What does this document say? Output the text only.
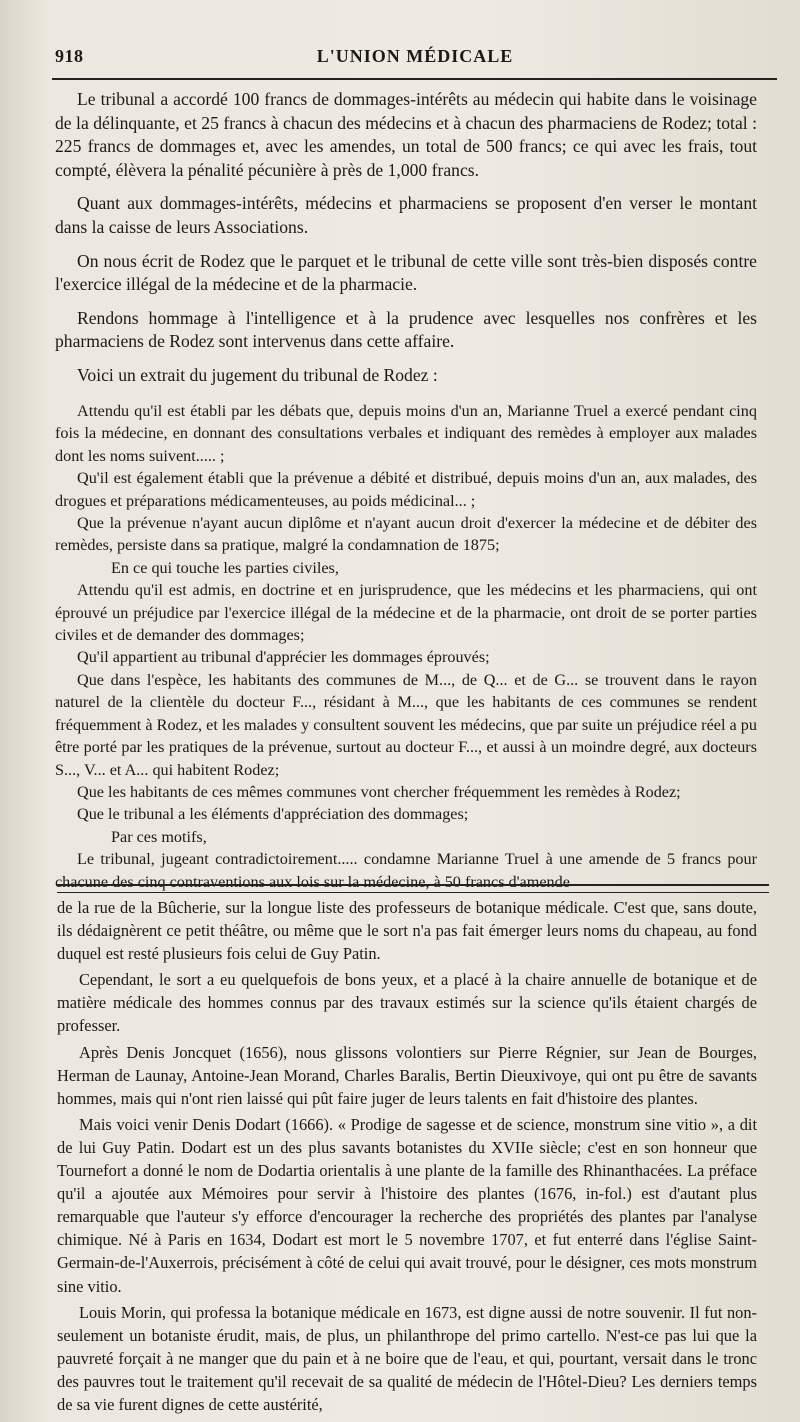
918	L'UNION MÉDICALE

Le tribunal a accordé 100 francs de dommages-intérêts au médecin qui habite dans le voisinage de la délinquante, et 25 francs à chacun des médecins et à chacun des pharmaciens de Rodez; total : 225 francs de dommages et, avec les amendes, un total de 500 francs; ce qui avec les frais, tout compté, élèvera la pénalité pécunière à près de 1,000 francs.

Quant aux dommages-intérêts, médecins et pharmaciens se proposent d'en verser le montant dans la caisse de leurs Associations.

On nous écrit de Rodez que le parquet et le tribunal de cette ville sont très-bien disposés contre l'exercice illégal de la médecine et de la pharmacie.

Rendons hommage à l'intelligence et à la prudence avec lesquelles nos confrères et les pharmaciens de Rodez sont intervenus dans cette affaire.

Voici un extrait du jugement du tribunal de Rodez :

Attendu qu'il est établi par les débats que, depuis moins d'un an, Marianne Truel a exercé pendant cinq fois la médecine, en donnant des consultations verbales et indiquant des remèdes à employer aux malades dont les noms suivent..... ;

Qu'il est également établi que la prévenue a débité et distribué, depuis moins d'un an, aux malades, des drogues et préparations médicamenteuses, au poids médicinal... ;

Que la prévenue n'ayant aucun diplôme et n'ayant aucun droit d'exercer la médecine et de débiter des remèdes, persiste dans sa pratique, malgré la condamnation de 1875;

En ce qui touche les parties civiles,

Attendu qu'il est admis, en doctrine et en jurisprudence, que les médecins et les pharmaciens, qui ont éprouvé un préjudice par l'exercice illégal de la médecine et de la pharmacie, ont droit de se porter parties civiles et de demander des dommages;

Qu'il appartient au tribunal d'apprécier les dommages éprouvés;

Que dans l'espèce, les habitants des communes de M..., de Q... et de G... se trouvent dans le rayon naturel de la clientèle du docteur F..., résidant à M..., que les habitants de ces communes se rendent fréquemment à Rodez, et les malades y consultent souvent les médecins, que par suite un préjudice réel a pu être porté par les pratiques de la prévenue, surtout au docteur F..., et aussi à un moindre degré, aux docteurs S..., V... et A... qui habitent Rodez;

Que les habitants de ces mêmes communes vont chercher fréquemment les remèdes à Rodez;

Que le tribunal a les éléments d'appréciation des dommages;

Par ces motifs,

Le tribunal, jugeant contradictoirement..... condamne Marianne Truel à une amende de 5 francs pour chacune des cinq contraventions aux lois sur la médecine, à 50 francs d'amende

de la rue de la Bûcherie, sur la longue liste des professeurs de botanique médicale. C'est que, sans doute, ils dédaignèrent ce petit théâtre, ou même que le sort n'a pas fait émerger leurs noms du chapeau, au fond duquel est resté plusieurs fois celui de Guy Patin.

Cependant, le sort a eu quelquefois de bons yeux, et a placé à la chaire annuelle de botanique et de matière médicale des hommes connus par des travaux estimés sur la science qu'ils étaient chargés de professer.

Après Denis Joncquet (1656), nous glissons volontiers sur Pierre Régnier, sur Jean de Bourges, Herman de Launay, Antoine-Jean Morand, Charles Baralis, Bertin Dieuxivoye, qui ont pu être de savants hommes, mais qui n'ont rien laissé qui pût faire juger de leurs talents en fait d'histoire des plantes.

Mais voici venir Denis Dodart (1666). « Prodige de sagesse et de science, monstrum sine vitio », a dit de lui Guy Patin. Dodart est un des plus savants botanistes du XVIIe siècle; c'est en son honneur que Tournefort a donné le nom de Dodartia orientalis à une plante de la famille des Rhinanthacées. La préface qu'il a ajoutée aux Mémoires pour servir à l'histoire des plantes (1676, in-fol.) est d'autant plus remarquable que l'auteur s'y efforce d'encourager la recherche des propriétés des plantes par l'analyse chimique. Né à Paris en 1634, Dodart est mort le 5 novembre 1707, et fut enterré dans l'église Saint-Germain-de-l'Auxerrois, précisément à côté de celui qui avait trouvé, pour le désigner, ces mots monstrum sine vitio.

Louis Morin, qui professa la botanique médicale en 1673, est digne aussi de notre souvenir. Il fut non-seulement un botaniste érudit, mais, de plus, un philanthrope del primo cartello. N'est-ce pas lui que la pauvreté forçait à ne manger que du pain et à ne boire que de l'eau, et qui, pourtant, versait dans le tronc des pauvres tout le traitement qu'il recevait de sa qualité de médecin de l'Hôtel-Dieu? Les derniers temps de sa vie furent dignes de cette austérité,
